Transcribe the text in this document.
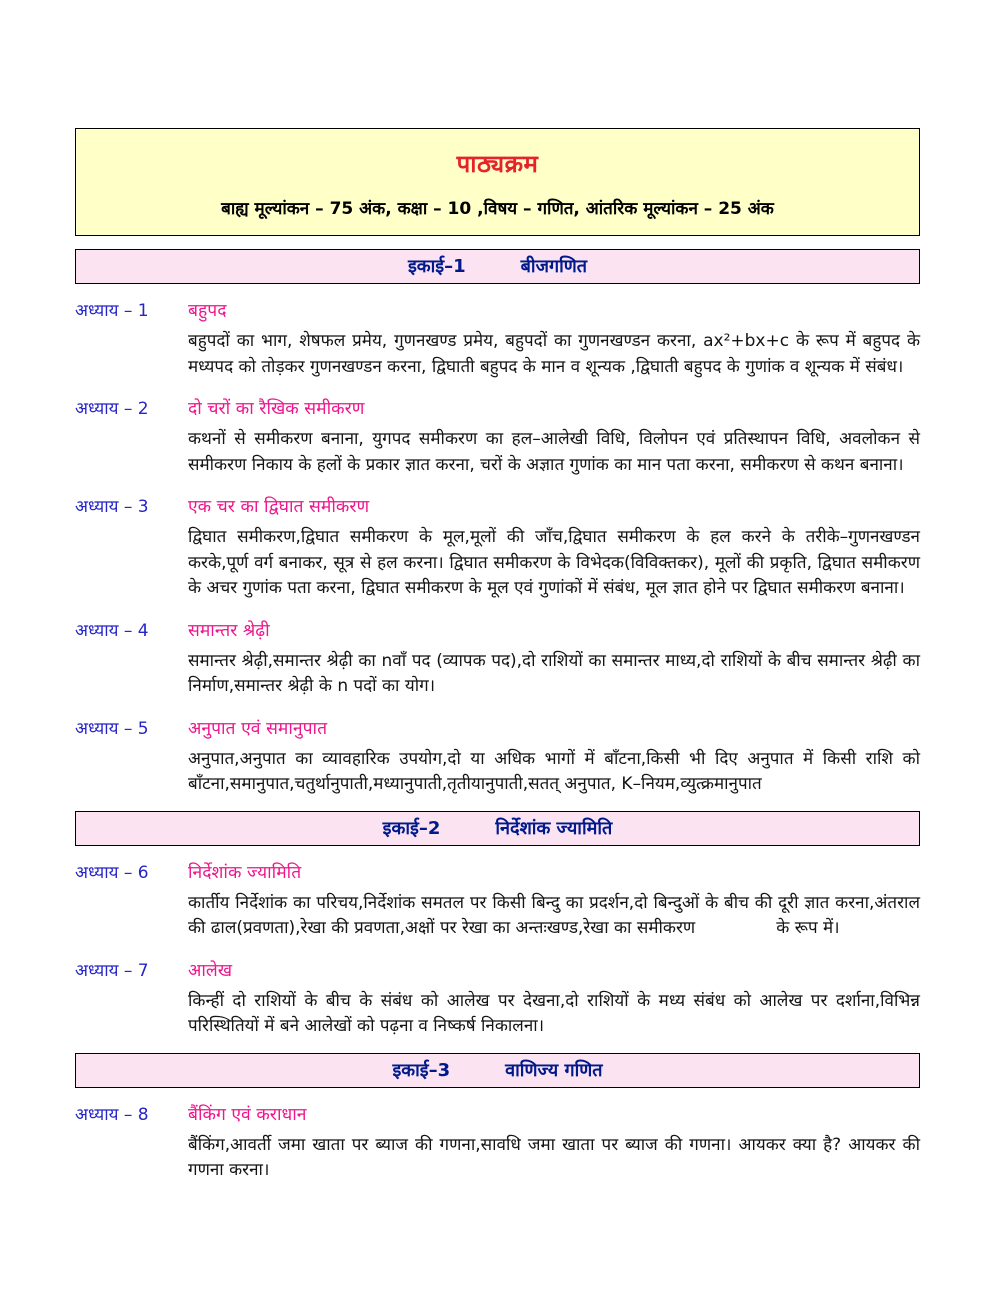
पाठ्यक्रम
बाह्य मूल्यांकन – 75 अंक, कक्षा – 10 ,विषय – गणित, आंतरिक मूल्यांकन – 25 अंक
इकाई–1	बीजगणित
अध्याय – 1	बहुपद

बहुपदों का भाग, शेषफल प्रमेय, गुणनखण्ड प्रमेय, बहुपदों का गुणनखण्डन करना, ax²+bx+c के रूप में बहुपद के मध्यपद को तोड़कर गुणनखण्डन करना, द्विघाती बहुपद के मान व शून्यक ,द्विघाती बहुपद के गुणांक व शून्यक में संबंध।

अध्याय – 2	दो चरों का रैखिक समीकरण

कथनों से समीकरण बनाना, युगपद समीकरण का हल–आलेखी विधि, विलोपन एवं प्रतिस्थापन विधि, अवलोकन से समीकरण निकाय के हलों के प्रकार ज्ञात करना, चरों के अज्ञात गुणांक का मान पता करना, समीकरण से कथन बनाना।

अध्याय – 3	एक चर का द्विघात समीकरण

द्विघात समीकरण,द्विघात समीकरण के मूल,मूलों की जाँच,द्विघात समीकरण के हल करने के तरीके–गुणनखण्डन करके,पूर्ण वर्ग बनाकर, सूत्र से हल करना। द्विघात समीकरण के विभेदक(विविक्तकर), मूलों की प्रकृति, द्विघात समीकरण के अचर गुणांक पता करना, द्विघात समीकरण के मूल एवं गुणांकों में संबंध, मूल ज्ञात होने पर द्विघात समीकरण बनाना।

अध्याय – 4	समान्तर श्रेढ़ी

समान्तर श्रेढ़ी,समान्तर श्रेढ़ी का nवाँ पद (व्यापक पद),दो राशियों का समान्तर माध्य,दो राशियों के बीच समान्तर श्रेढ़ी का निर्माण,समान्तर श्रेढ़ी के n पदों का योग।

अध्याय – 5	अनुपात एवं समानुपात

अनुपात,अनुपात का व्यावहारिक उपयोग,दो या अधिक भागों में बाँटना,किसी भी दिए अनुपात में किसी राशि को बाँटना,समानुपात,चतुर्थानुपाती,मध्यानुपाती,तृतीयानुपाती,सतत् अनुपात, K–नियम,व्युत्क्रमानुपात

इकाई–2	निर्देशांक ज्यामिति
अध्याय – 6	निर्देशांक ज्यामिति

कार्तीय निर्देशांक का परिचय,निर्देशांक समतल पर किसी बिन्दु का प्रदर्शन,दो बिन्दुओं के बीच की दूरी ज्ञात करना,अंतराल की ढाल(प्रवणता),रेखा की प्रवणता,अक्षों पर रेखा का अन्तःखण्ड,रेखा का समीकरण               के रूप में।

अध्याय – 7	आलेख

किन्हीं दो राशियों के बीच के संबंध को आलेख पर देखना,दो राशियों के मध्य संबंध को आलेख पर दर्शाना,विभिन्न परिस्थितियों में बने आलेखों को पढ़ना व निष्कर्ष निकालना।

इकाई–3	वाणिज्य गणित
अध्याय – 8	बैंकिंग एवं कराधान

बैंकिंग,आवर्ती जमा खाता पर ब्याज की गणना,सावधि जमा खाता पर ब्याज की गणना। आयकर क्या है? आयकर की गणना करना।
